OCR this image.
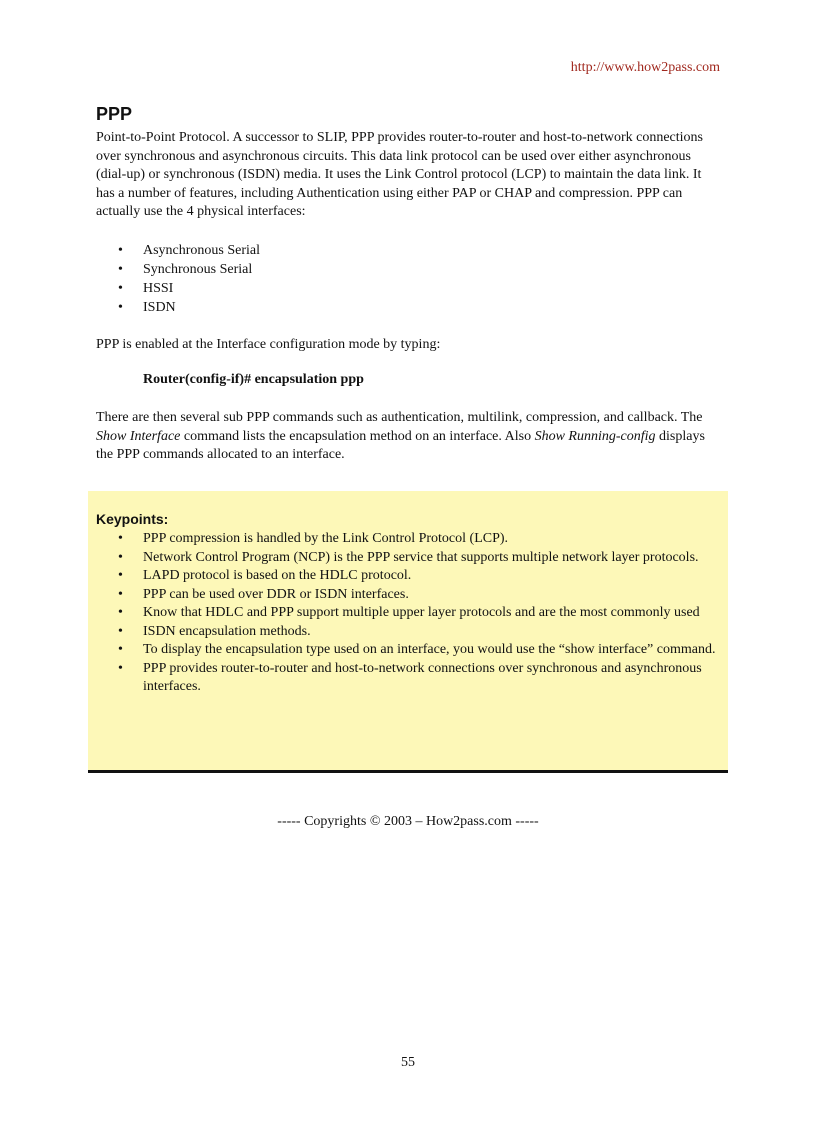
http://www.how2pass.com
PPP

Point-to-Point Protocol. A successor to SLIP, PPP provides router-to-router and host-to-network connections over synchronous and asynchronous circuits. This data link protocol can be used over either asynchronous (dial-up) or synchronous (ISDN) media. It uses the Link Control protocol (LCP) to maintain the data link. It has a number of features, including Authentication using either PAP or CHAP and compression. PPP can actually use the 4 physical interfaces:

• Asynchronous Serial
• Synchronous Serial
• HSSI
• ISDN

PPP is enabled at the Interface configuration mode by typing:

Router(config-if)# encapsulation ppp

There are then several sub PPP commands such as authentication, multilink, compression, and callback. The Show Interface command lists the encapsulation method on an interface. Also Show Running-config displays the PPP commands allocated to an interface.

Keypoints:
• PPP compression is handled by the Link Control Protocol (LCP).
• Network Control Program (NCP) is the PPP service that supports multiple network layer protocols.
• LAPD protocol is based on the HDLC protocol.
• PPP can be used over DDR or ISDN interfaces.
• Know that HDLC and PPP support multiple upper layer protocols and are the most commonly used
• ISDN encapsulation methods.
• To display the encapsulation type used on an interface, you would use the “show interface” command.
• PPP provides router-to-router and host-to-network connections over synchronous and asynchronous interfaces.
----- Copyrights © 2003 – How2pass.com -----
55
